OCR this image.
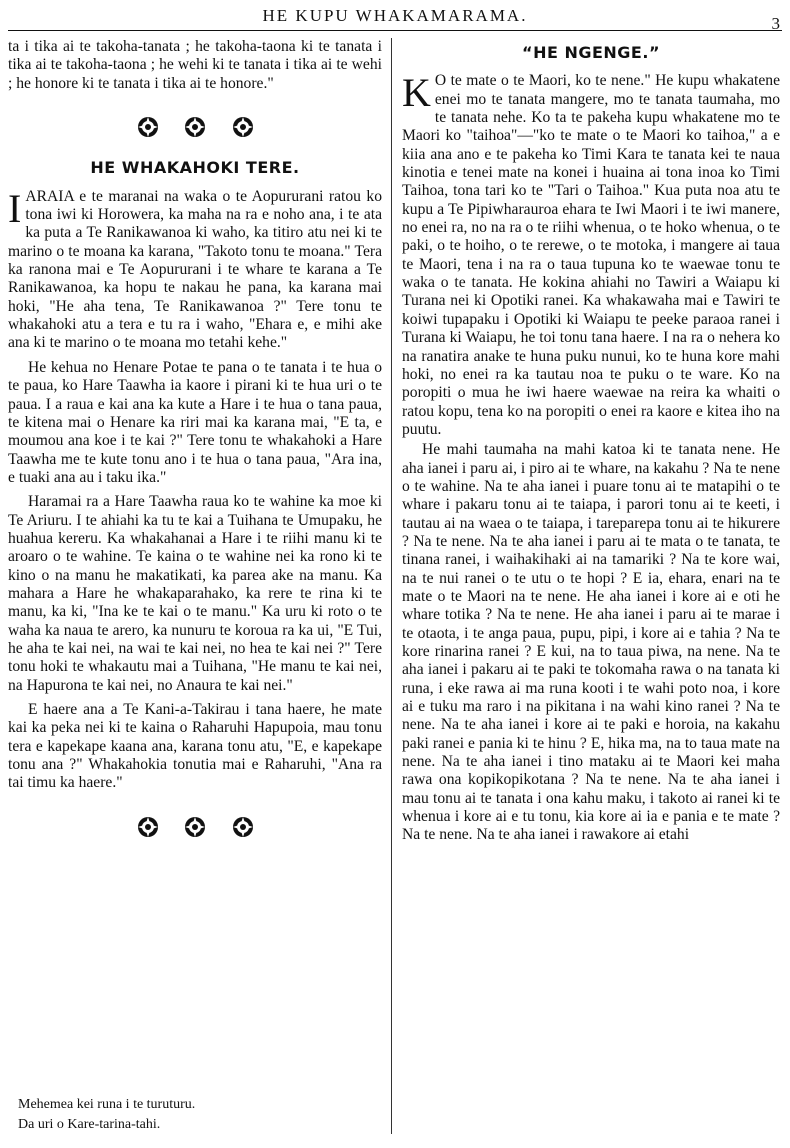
HE KUPU WHAKAMARAMA.	3

ta i tika ai te takoha-tanata ; he takoha-taona ki te tanata i tika ai te takoha-taona ; he wehi ki te tanata i tika ai te wehi ; he honore ki te tanata i tika ai te honore."

HE WHAKAHOKI TERE.

IARAIA e te maranai na waka o te Aopururani ratou ko tona iwi ki Horowera, ka maha na ra e noho ana, i te ata ka puta a Te Ranikawanoa ki waho, ka titiro atu nei ki te marino o te moana ka karana, "Takoto tonu te moana." Tera ka ranona mai e Te Aopururani i te whare te karana a Te Ranikawanoa, ka hopu te nakau he pana, ka karana mai hoki, "He aha tena, Te Ranikawanoa ?" Tere tonu te whakahoki atu a tera e tu ra i waho, "Ehara e, e mihi ake ana ki te marino o te moana mo tetahi kehe."

He kehua no Henare Potae te pana o te tanata i te hua o te paua, ko Hare Taawha ia kaore i pirani ki te hua uri o te paua. I a raua e kai ana ka kute a Hare i te hua o tana paua, te kitena mai o Henare ka riri mai ka karana mai, "E ta, e moumou ana koe i te kai ?" Tere tonu te whakahoki a Hare Taawha me te kute tonu ano i te hua o tana paua, "Ara ina, e tuaki ana au i taku ika."

Haramai ra a Hare Taawha raua ko te wahine ka moe ki Te Ariuru. I te ahiahi ka tu te kai a Tuihana te Umupaku, he huahua kereru. Ka whakahanai a Hare i te riihi manu ki te aroaro o te wahine. Te kaina o te wahine nei ka rono ki te kino o na manu he makatikati, ka parea ake na manu. Ka mahara a Hare he whakaparahako, ka rere te rina ki te manu, ka ki, "Ina ke te kai o te manu." Ka uru ki roto o te waha ka naua te arero, ka nunuru te koroua ra ka ui, "E Tui, he aha te kai nei, na wai te kai nei, no hea te kai nei ?" Tere tonu hoki te whakautu mai a Tuihana, "He manu te kai nei, na Hapurona te kai nei, no Anaura te kai nei."

E haere ana a Te Kani-a-Takirau i tana haere, he mate kai ka peka nei ki te kaina o Raharuhi Hapupoia, mau tonu tera e kapekape kaana ana, karana tonu atu, "E, e kapekape tonu ana ?" Whakahokia tonutia mai e Raharuhi, "Ana ra tai timu ka haere."

Mehemea kei runa i te turuturu.
Da uri o Kare-tarina-tahi.
“HE NGENGE.”

K O te mate o te Maori, ko te nene." He kupu whakatene enei mo te tanata mangere, mo te tanata taumaha, mo te tanata nehe. Ko ta te pakeha kupu whakatene mo te Maori ko "taihoa"—"ko te mate o te Maori ko taihoa," a e kiia ana ano e te pakeha ko Timi Kara te tanata kei te naua kinotia e tenei mate na konei i huaina ai tona inoa ko Timi Taihoa, tona tari ko te "Tari o Taihoa." Kua puta noa atu te kupu a Te Pipiwharauroa ehara te Iwi Maori i te iwi manere, no enei ra, no na ra o te riihi whenua, o te hoko whenua, o te paki, o te hoiho, o te rerewe, o te motoka, i mangere ai taua te Maori, tena i na ra o taua tupuna ko te waewae tonu te waka o te tanata. He kokina ahiahi no Tawiri a Waiapu ki Turana nei ki Opotiki ranei. Ka whakawaha mai e Tawiri te koiwi tupapaku i Opotiki ki Waiapu te peeke paraoa ranei i Turana ki Waiapu, he toi tonu tana haere. I na ra o nehera ko na ranatira anake te huna puku nunui, ko te huna kore mahi hoki, no enei ra ka tautau noa te puku o te ware. Ko na poropiti o mua he iwi haere waewae na reira ka whaiti o ratou kopu, tena ko na poropiti o enei ra kaore e kitea iho na puutu.

He mahi taumaha na mahi katoa ki te tanata nene. He aha ianei i paru ai, i piro ai te whare, na kakahu ? Na te nene o te wahine. Na te aha ianei i puare tonu ai te matapihi o te whare i pakaru tonu ai te taiapa, i parori tonu ai te keeti, i tautau ai na waea o te taiapa, i tareparepa tonu ai te hikurere ? Na te nene. Na te aha ianei i paru ai te mata o te tanata, te tinana ranei, i waihakihaki ai na tamariki ? Na te kore wai, na te nui ranei o te utu o te hopi ? E ia, ehara, enari na te mate o te Maori na te nene. He aha ianei i kore ai e oti he whare totika ? Na te nene. He aha ianei i paru ai te marae i te otaota, i te anga paua, pupu, pipi, i kore ai e tahia ? Na te kore rinarina ranei ? E kui, na to taua piwa, na nene. Na te aha ianei i pakaru ai te paki te tokomaha rawa o na tanata ki runa, i eke rawa ai ma runa kooti i te wahi poto noa, i kore ai e tuku ma raro i na pikitana i na wahi kino ranei ? Na te nene. Na te aha ianei i kore ai te paki e horoia, na kakahu paki ranei e pania ki te hinu ? E, hika ma, na to taua mate na nene. Na te aha ianei i tino mataku ai te Maori kei maha rawa ona kopikopikotana ? Na te nene. Na te aha ianei i mau tonu ai te tanata i ona kahu maku, i takoto ai ranei ki te whenua i kore ai e tu tonu, kia kore ai ia e pania e te mate ? Na te nene. Na te aha ianei i rawakore ai etahi
